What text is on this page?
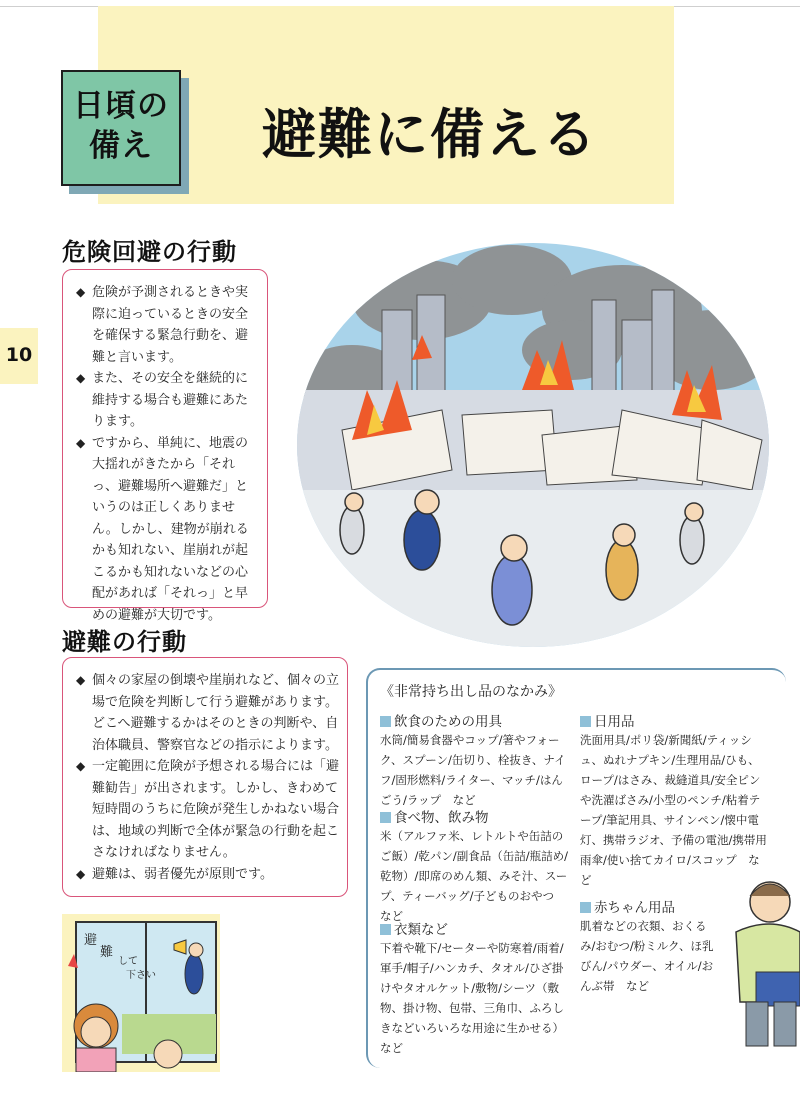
日頃の
備え	避難に備える
10
危険回避の行動
◆ 危険が予測されるときや実際に迫っているときの安全を確保する緊急行動を、避難と言います。
◆ また、その安全を継続的に維持する場合も避難にあたります。
◆ ですから、単純に、地震の大揺れがきたから「それっ、避難場所へ避難だ」というのは正しくありません。しかし、建物が崩れるかも知れない、崖崩れが起こるかも知れないなどの心配があれば「それっ」と早めの避難が大切です。
避難の行動
◆ 個々の家屋の倒壊や崖崩れなど、個々の立場で危険を判断して行う避難があります。どこへ避難するかはそのときの判断や、自治体職員、警察官などの指示によります。
◆ 一定範囲に危険が予想される場合には「避難勧告」が出されます。しかし、きわめて短時間のうちに危険が発生しかねない場合は、地域の判断で全体が緊急の行動を起こさなければなりません。
◆ 避難は、弱者優先が原則です。
《非常持ち出し品のなかみ》
飲食のための用具
水筒/簡易食器やコップ/箸やフォーク、スプーン/缶切り、栓抜き、ナイフ/固形燃料/ライター、マッチ/はんごう/ラップ　など
食べ物、飲み物
米（アルファ米、レトルトや缶詰のご飯）/乾パン/副食品（缶詰/瓶詰め/乾物）/即席のめん類、みそ汁、スープ、ティーバッグ/子どものおやつ　など
衣類など
下着や靴下/セーターや防寒着/雨着/軍手/帽子/ハンカチ、タオル/ひざ掛けやタオルケット/敷物/シーツ（敷物、掛け物、包帯、三角巾、ふろしきなどいろいろな用途に生かせる）　など
日用品
洗面用具/ポリ袋/新聞紙/ティッシュ、ぬれナプキン/生理用品/ひも、ロープ/はさみ、裁縫道具/安全ピンや洗濯ばさみ/小型のペンチ/粘着テープ/筆記用具、サインペン/懐中電灯、携帯ラジオ、予備の電池/携帯用雨傘/使い捨てカイロ/スコップ　など
赤ちゃん用品
肌着などの衣類、おくるみ/おむつ/粉ミルク、ほ乳びん/パウダー、オイル/おんぶ帯　など
避
難
して
下さい
